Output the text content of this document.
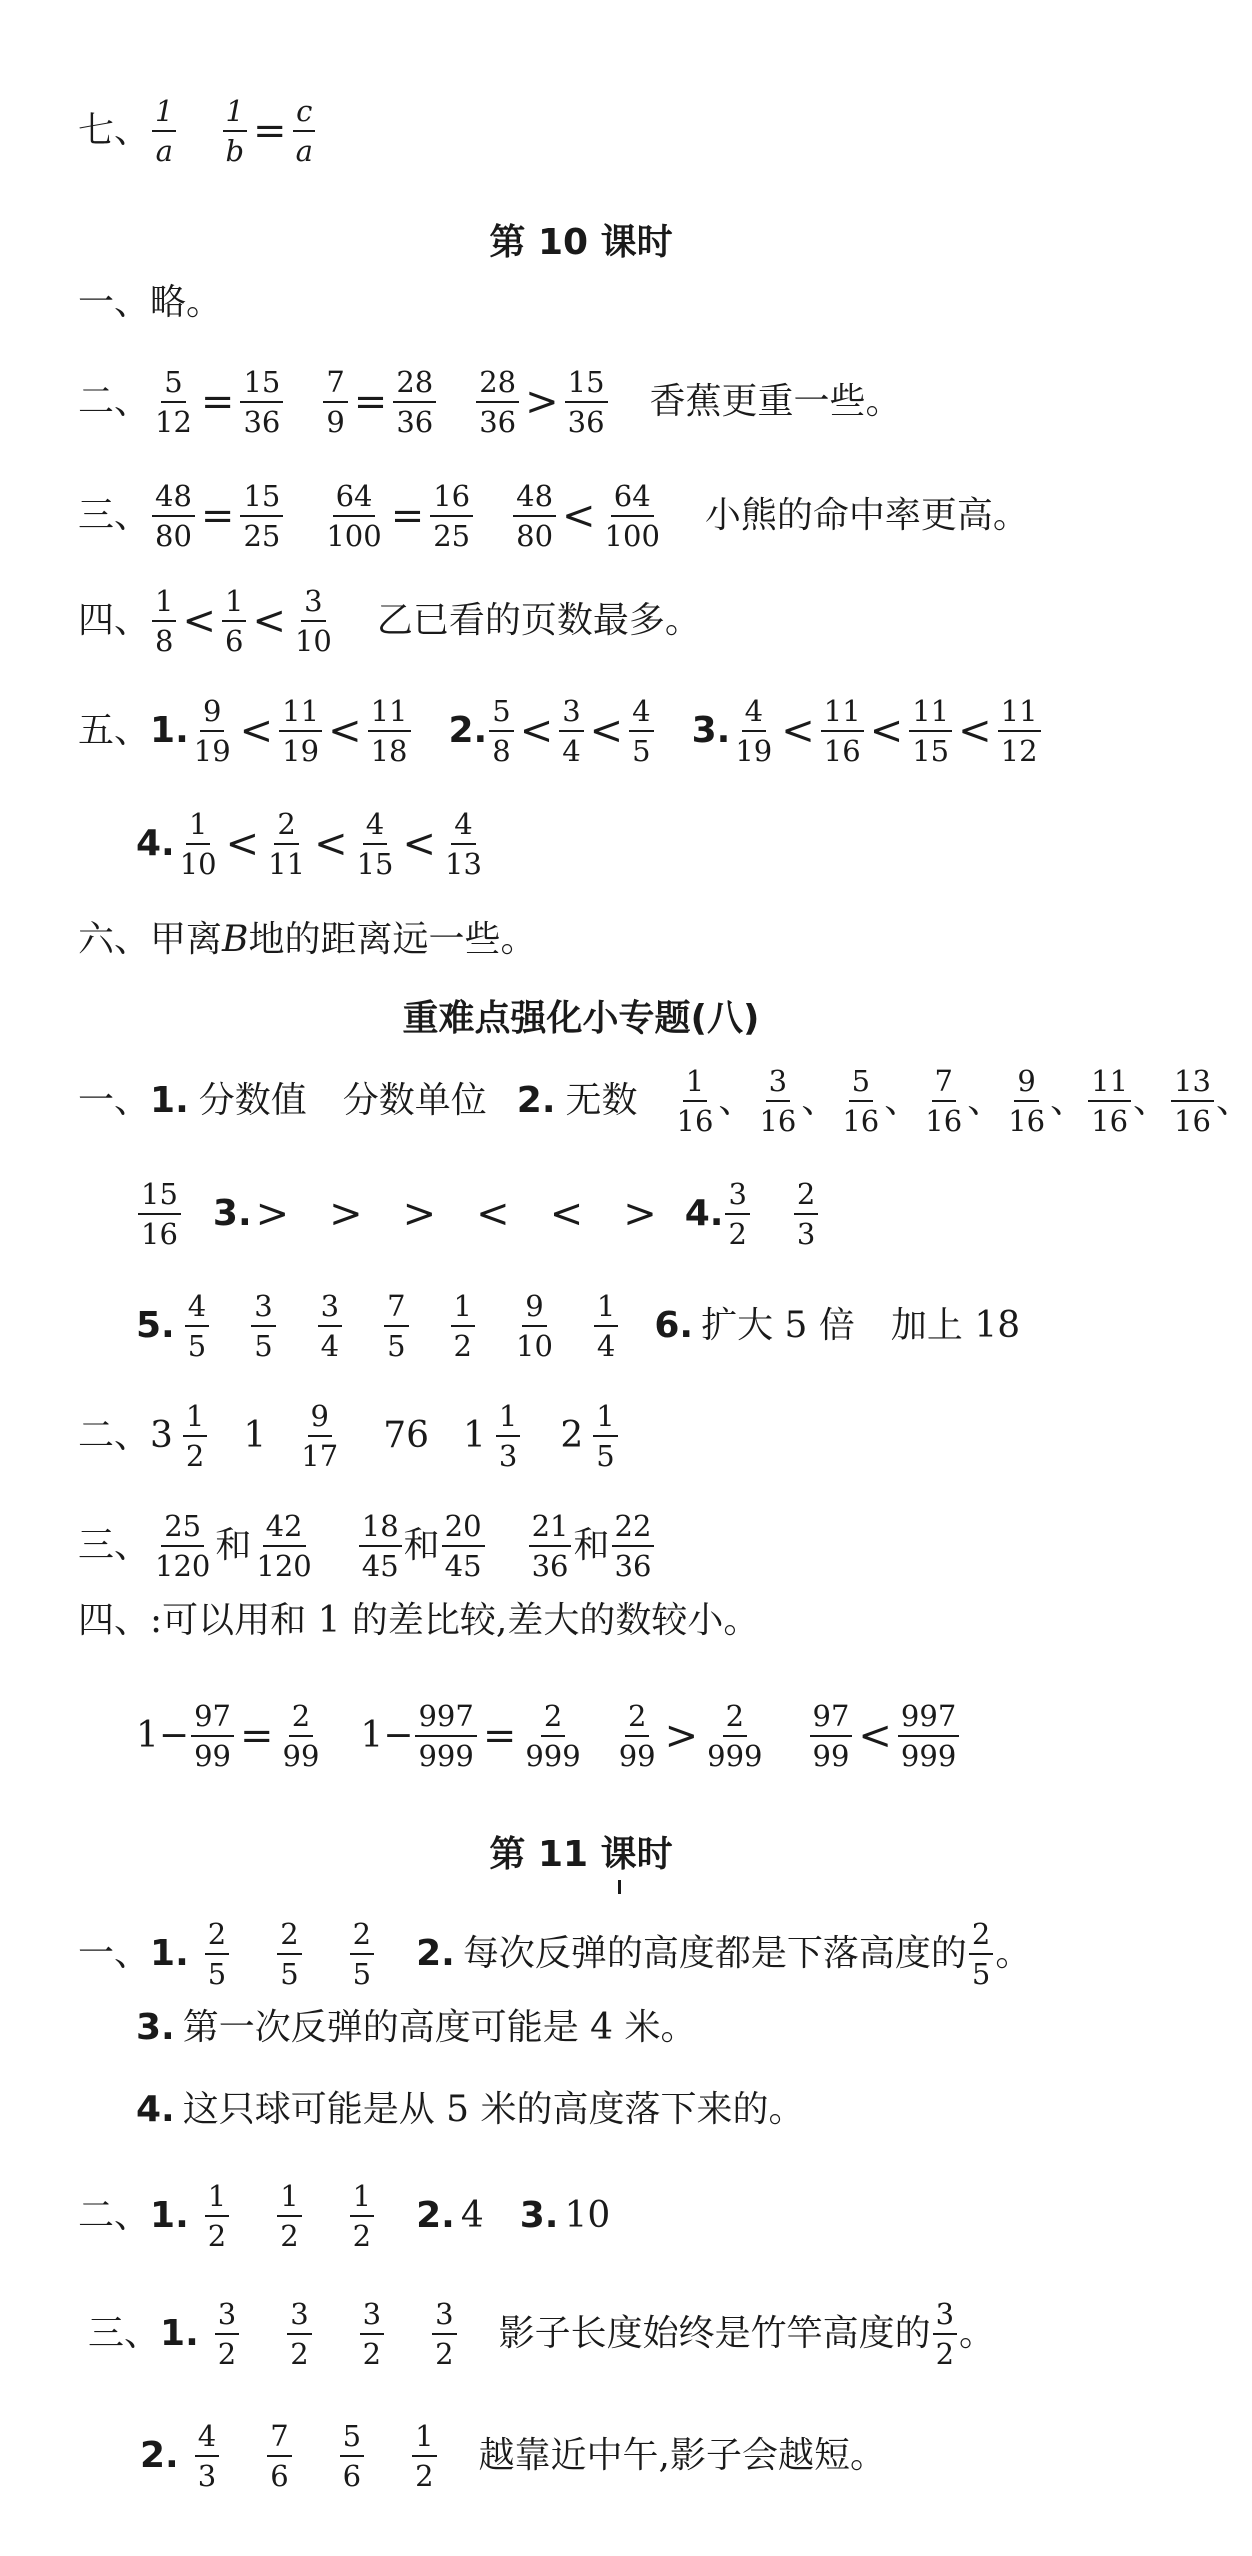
七、 1
a $\frac{1}{b} = \frac{c}{a}$
第 10 课时
一、略。
二、 $\frac{5}{12} = \frac{15}{36} \frac{7}{9} = \frac{28}{36} 28$
36 > 15
36 香蕉更重一些。
三、 $\frac{48}{80} = \frac{15}{25} \frac{64}{100} = \frac{16}{25} 48$
80 < 64
100 小熊的命中率更高。
四、 1
8 < 1
6 < 3
10 乙已看的页数最多。
五、 1. 9
19 < 11
19 < 11
18 2. 5
8 < 3
4 < 4
5 3. 4
19 < 11
16 < 11
15 < 11
12
4. 1
10 < 2
11 < 4
15 < 4
13
六、甲离 B 地的距离远一些。
重难点强化小专题(八)
一、 1. 分数值　分数单位 2. 无数 1
16 、 3
16 、 5
16 、 7
16 、 9
16 、 11
16 、 13
16 、
15
16 3. >　>　>　<　<　> 4. 3
2
2
3
5. 4
5
3
5
3
4
7
5
1
2
9
10
1
4 6. 扩大 5 倍　加上 18
二、 3 1
2 1 9
17 76 1 1
3 2 1
5
三、 25
120 和 42
120
18
45 和 20
45
21
36 和 22
36
四、:可以用和 1 的差比较,差大的数较小。
$1- \frac{97}{99} = \frac{2}{99} 1- \frac{997}{999} = \frac{2}{999} 2$
99 > 2
999
97
99 < 997
999
第 11 课时
一、 1. 2
5
2
5
2
5 2. 每次反弹的高度都是下落高度的 2
5 。
3. 第一次反弹的高度可能是 4 米。
4. 这只球可能是从 5 米的高度落下来的。
二、 1. 1
2
1
2
1
2 2. 4 3. 10
三、 1. 3
2
3
2
3
2
3
2 影子长度始终是竹竿高度的 3
2 。
2. 4
3
7
6
5
6
1
2 越靠近中午,影子会越短。
